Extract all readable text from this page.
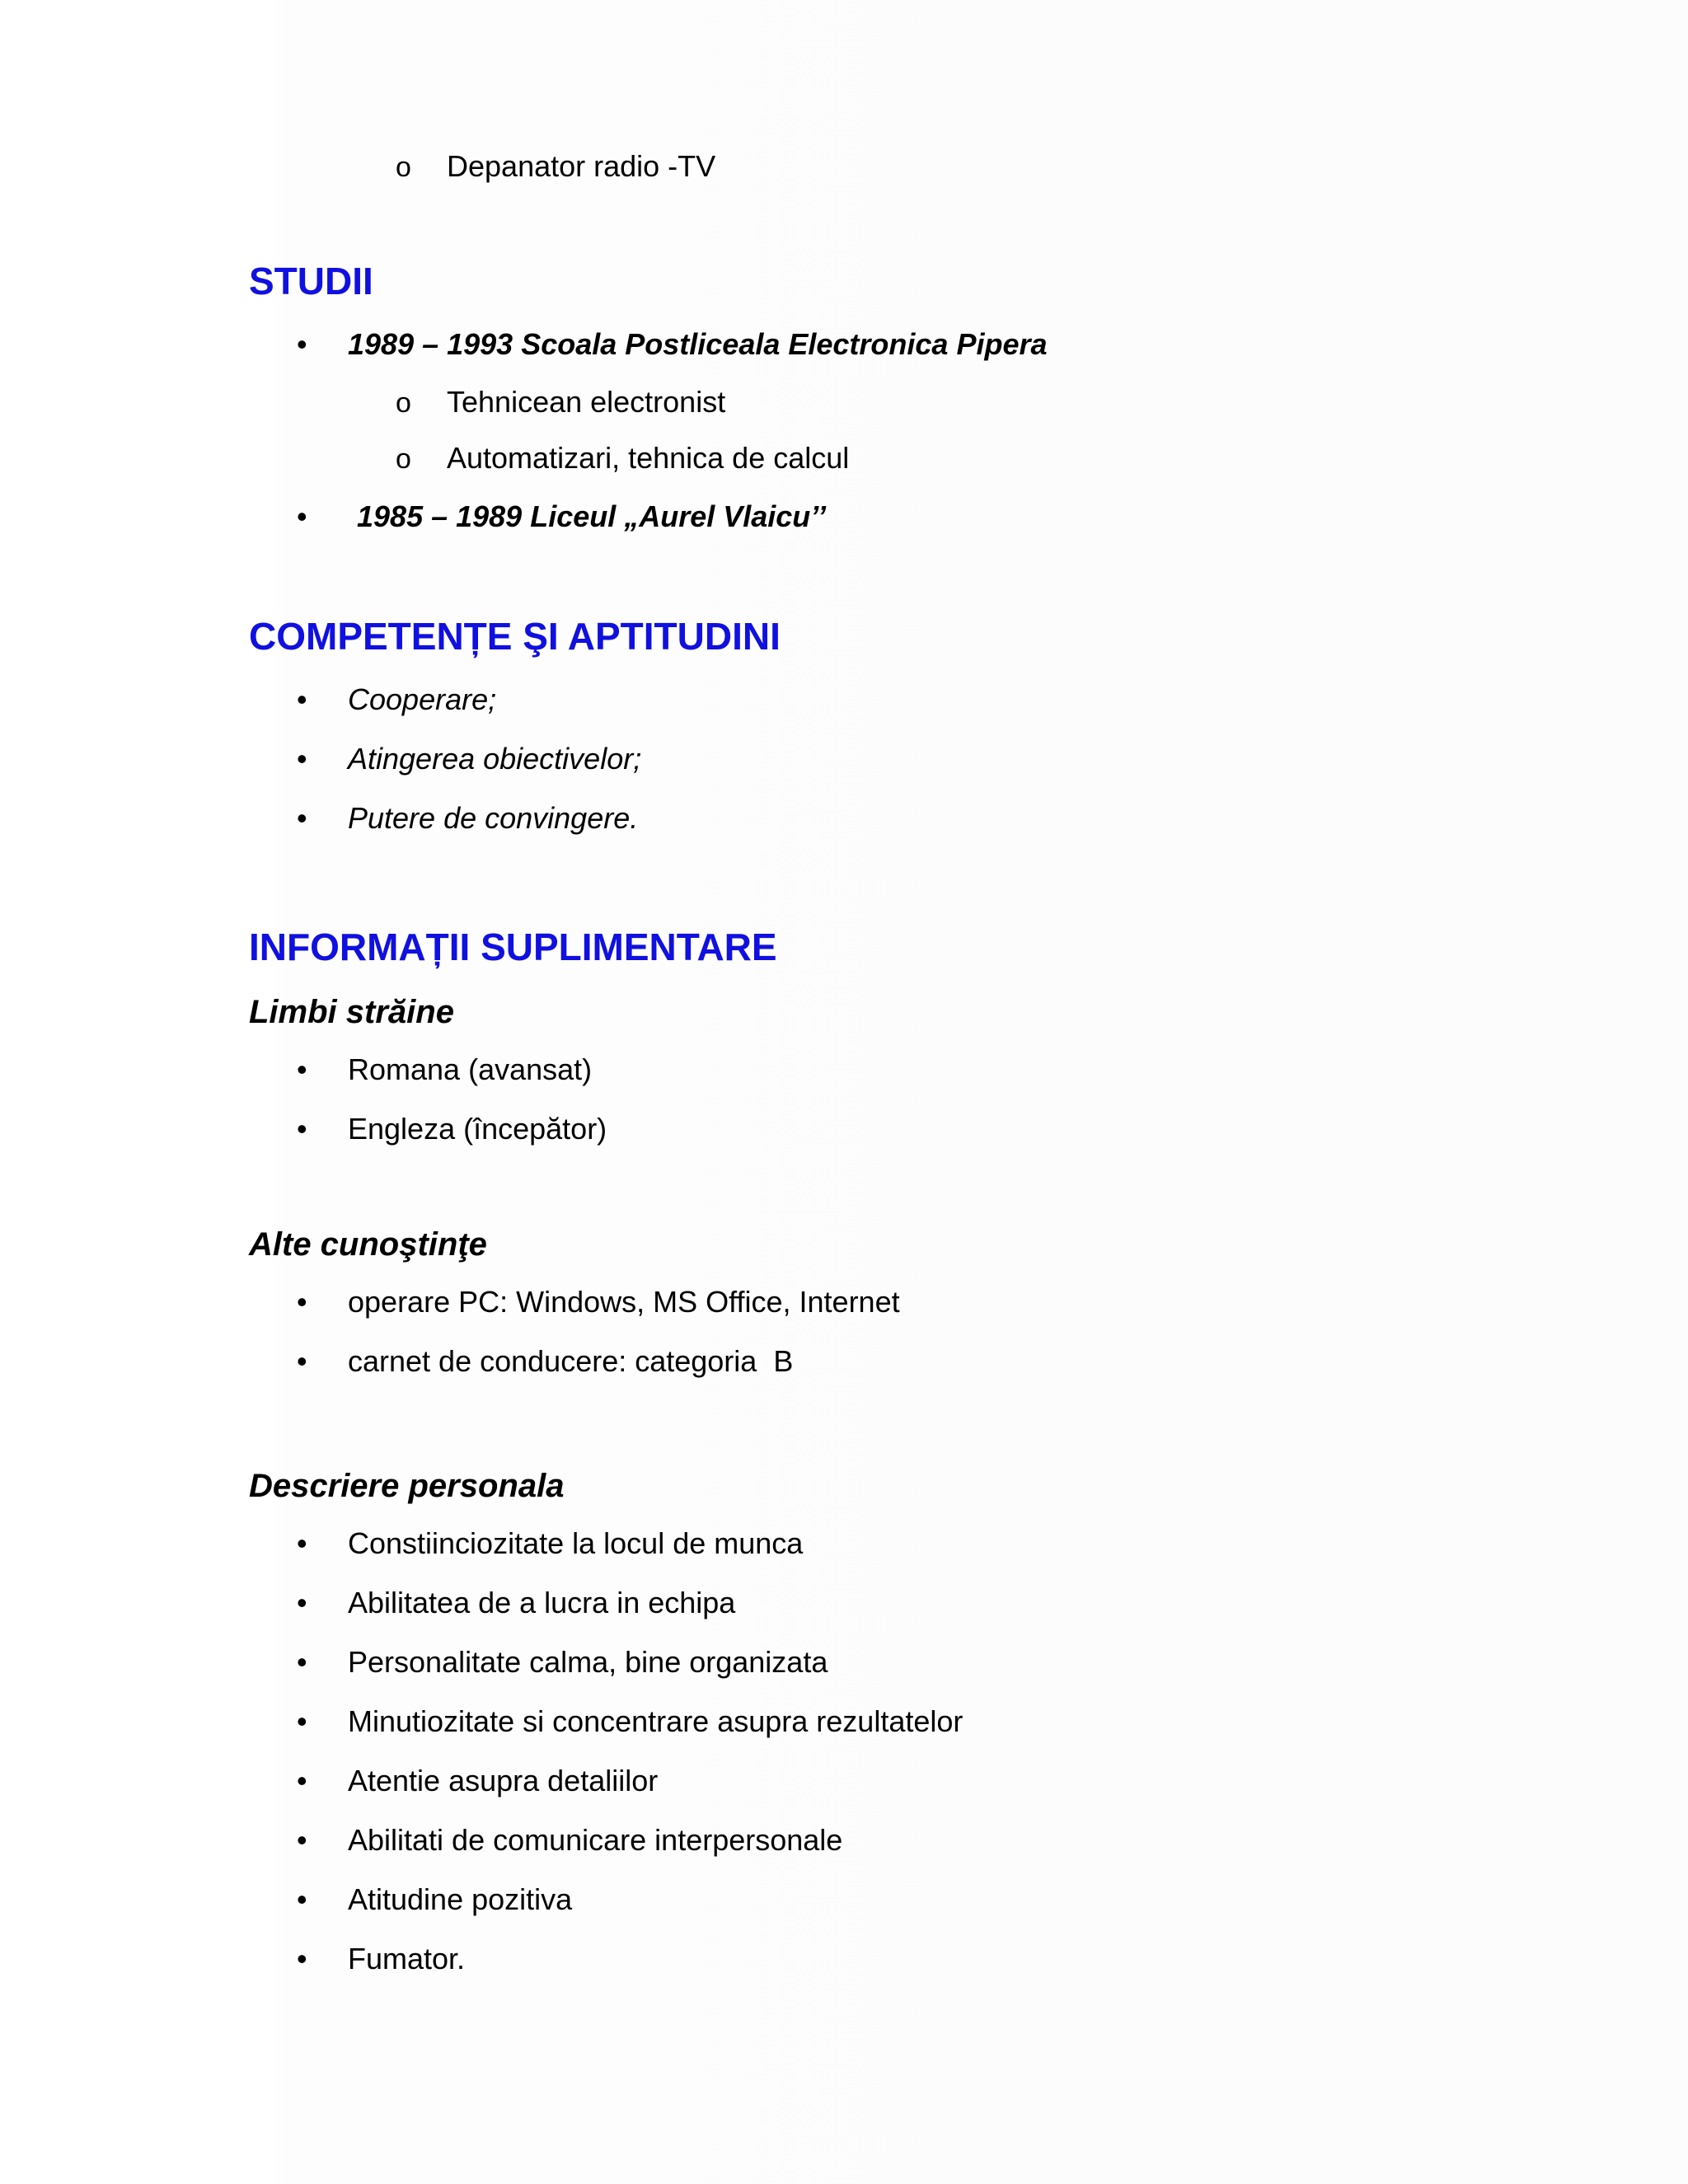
o Depanator radio -TV
STUDII
• 1989 – 1993 Scoala Postliceala Electronica Pipera
o Tehnicean electronist
o Automatizari, tehnica de calcul
• 1985 – 1989 Liceul „Aurel Vlaicu’’
COMPETENȚE ŞI APTITUDINI
• Cooperare;
• Atingerea obiectivelor;
• Putere de convingere.
INFORMAȚII SUPLIMENTARE
Limbi străine
• Romana (avansat)
• Engleza (începător)
Alte cunoştinţe
• operare PC: Windows, MS Office, Internet
• carnet de conducere: categoria  B
Descriere personala
• Constiinciozitate la locul de munca
• Abilitatea de a lucra in echipa
• Personalitate calma, bine organizata
• Minutiozitate si concentrare asupra rezultatelor
• Atentie asupra detaliilor
• Abilitati de comunicare interpersonale
• Atitudine pozitiva
• Fumator.
